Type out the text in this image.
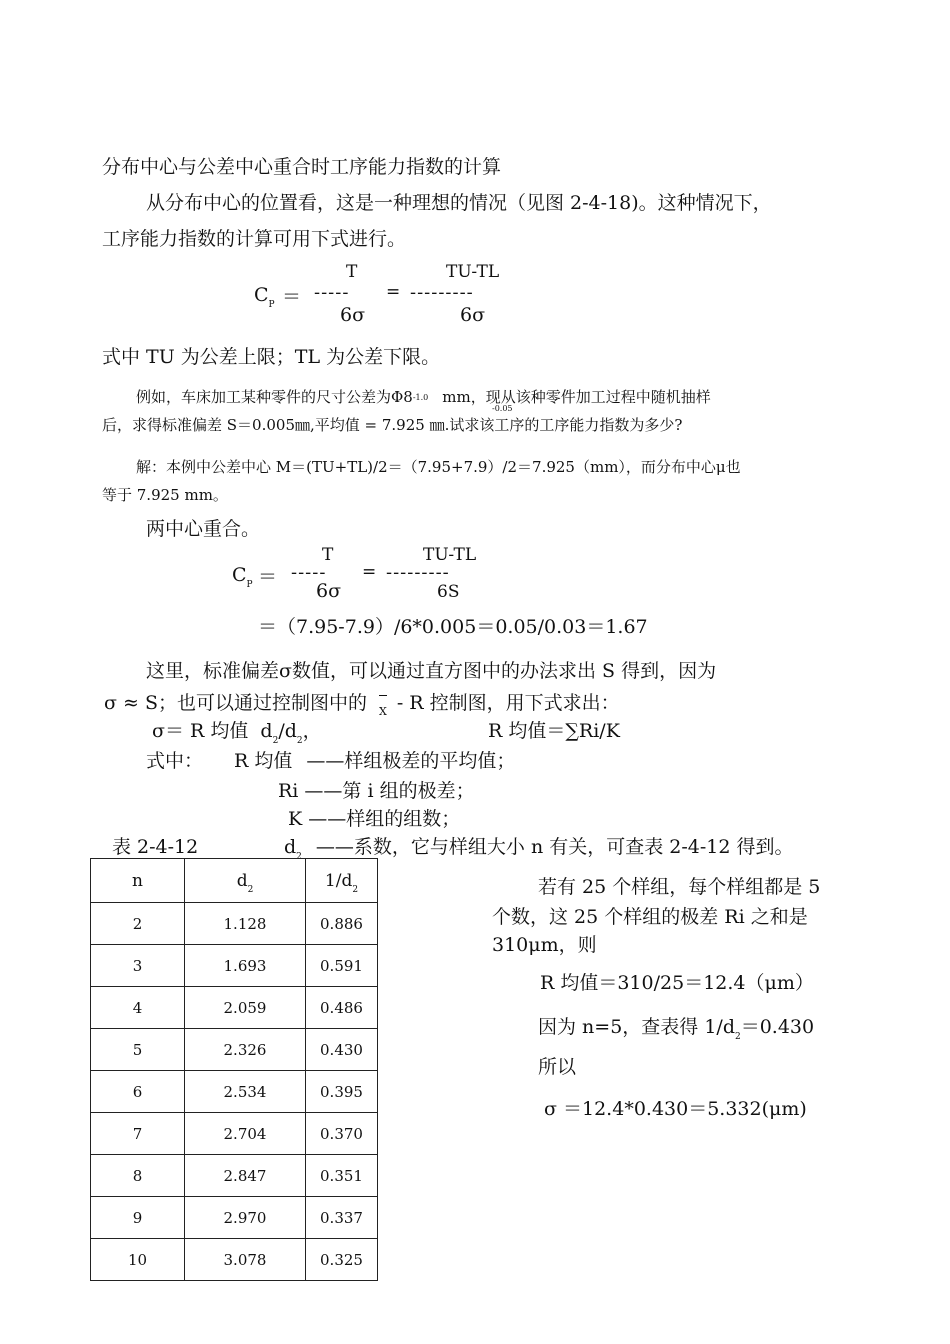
分布中心与公差中心重合时工序能力指数的计算
从分布中心的位置看，这是一种理想的情况（见图 2-4-18)。这种情况下，
工序能力指数的计算可用下式进行。
T	TU-TL
$C_P$ ＝ ----- = ---------
6σ	6σ
式中 TU 为公差上限；TL 为公差下限。
例如，车床加工某种零件的尺寸公差为Φ8-1.0 mm，现从该种零件加工过程中随机抽样
-0.05
后，求得标准偏差 S＝0.005㎜,平均值 = 7.925 ㎜.试求该工序的工序能力指数为多少?
解：本例中公差中心 M＝(TU+TL)/2＝（7.95+7.9）/2＝7.925（mm），而分布中心μ也
等于 7.925 mm。
两中心重合。
T	TU-TL
$C_P$ ＝ ----- = ---------
6σ	6S
＝（7.95-7.9）/6*0.005＝0.05/0.03＝1.67
这里，标准偏差σ数值，可以通过直方图中的办法求出 S 得到，因为
σ ≈ S；也可以通过控制图中的 X - R 控制图，用下式求出：
σ＝ R 均值 $d_2/d_2$，	R 均值＝∑Ri/K
式中： R 均值 ——样组极差的平均值；
Ri ——第 i 组的极差；
K ——样组的组数；
表 2-4-12	$d_2$ ——系数，它与样组大小 n 有关，可查表 2-4-12 得到。
n	$d_2$	$1/d_2$
2	1.128	0.886
3	1.693	0.591
4	2.059	0.486
5	2.326	0.430
6	2.534	0.395
7	2.704	0.370
8	2.847	0.351
9	2.970	0.337
10	3.078	0.325
若有 25 个样组，每个样组都是 5
个数，这 25 个样组的极差 Ri 之和是
310μm，则
R 均值＝310/25＝12.4（μm）
因为 n=5，查表得 $1/d_2=0.430$
所以
σ ＝12.4*0.430＝5.332(μm)
